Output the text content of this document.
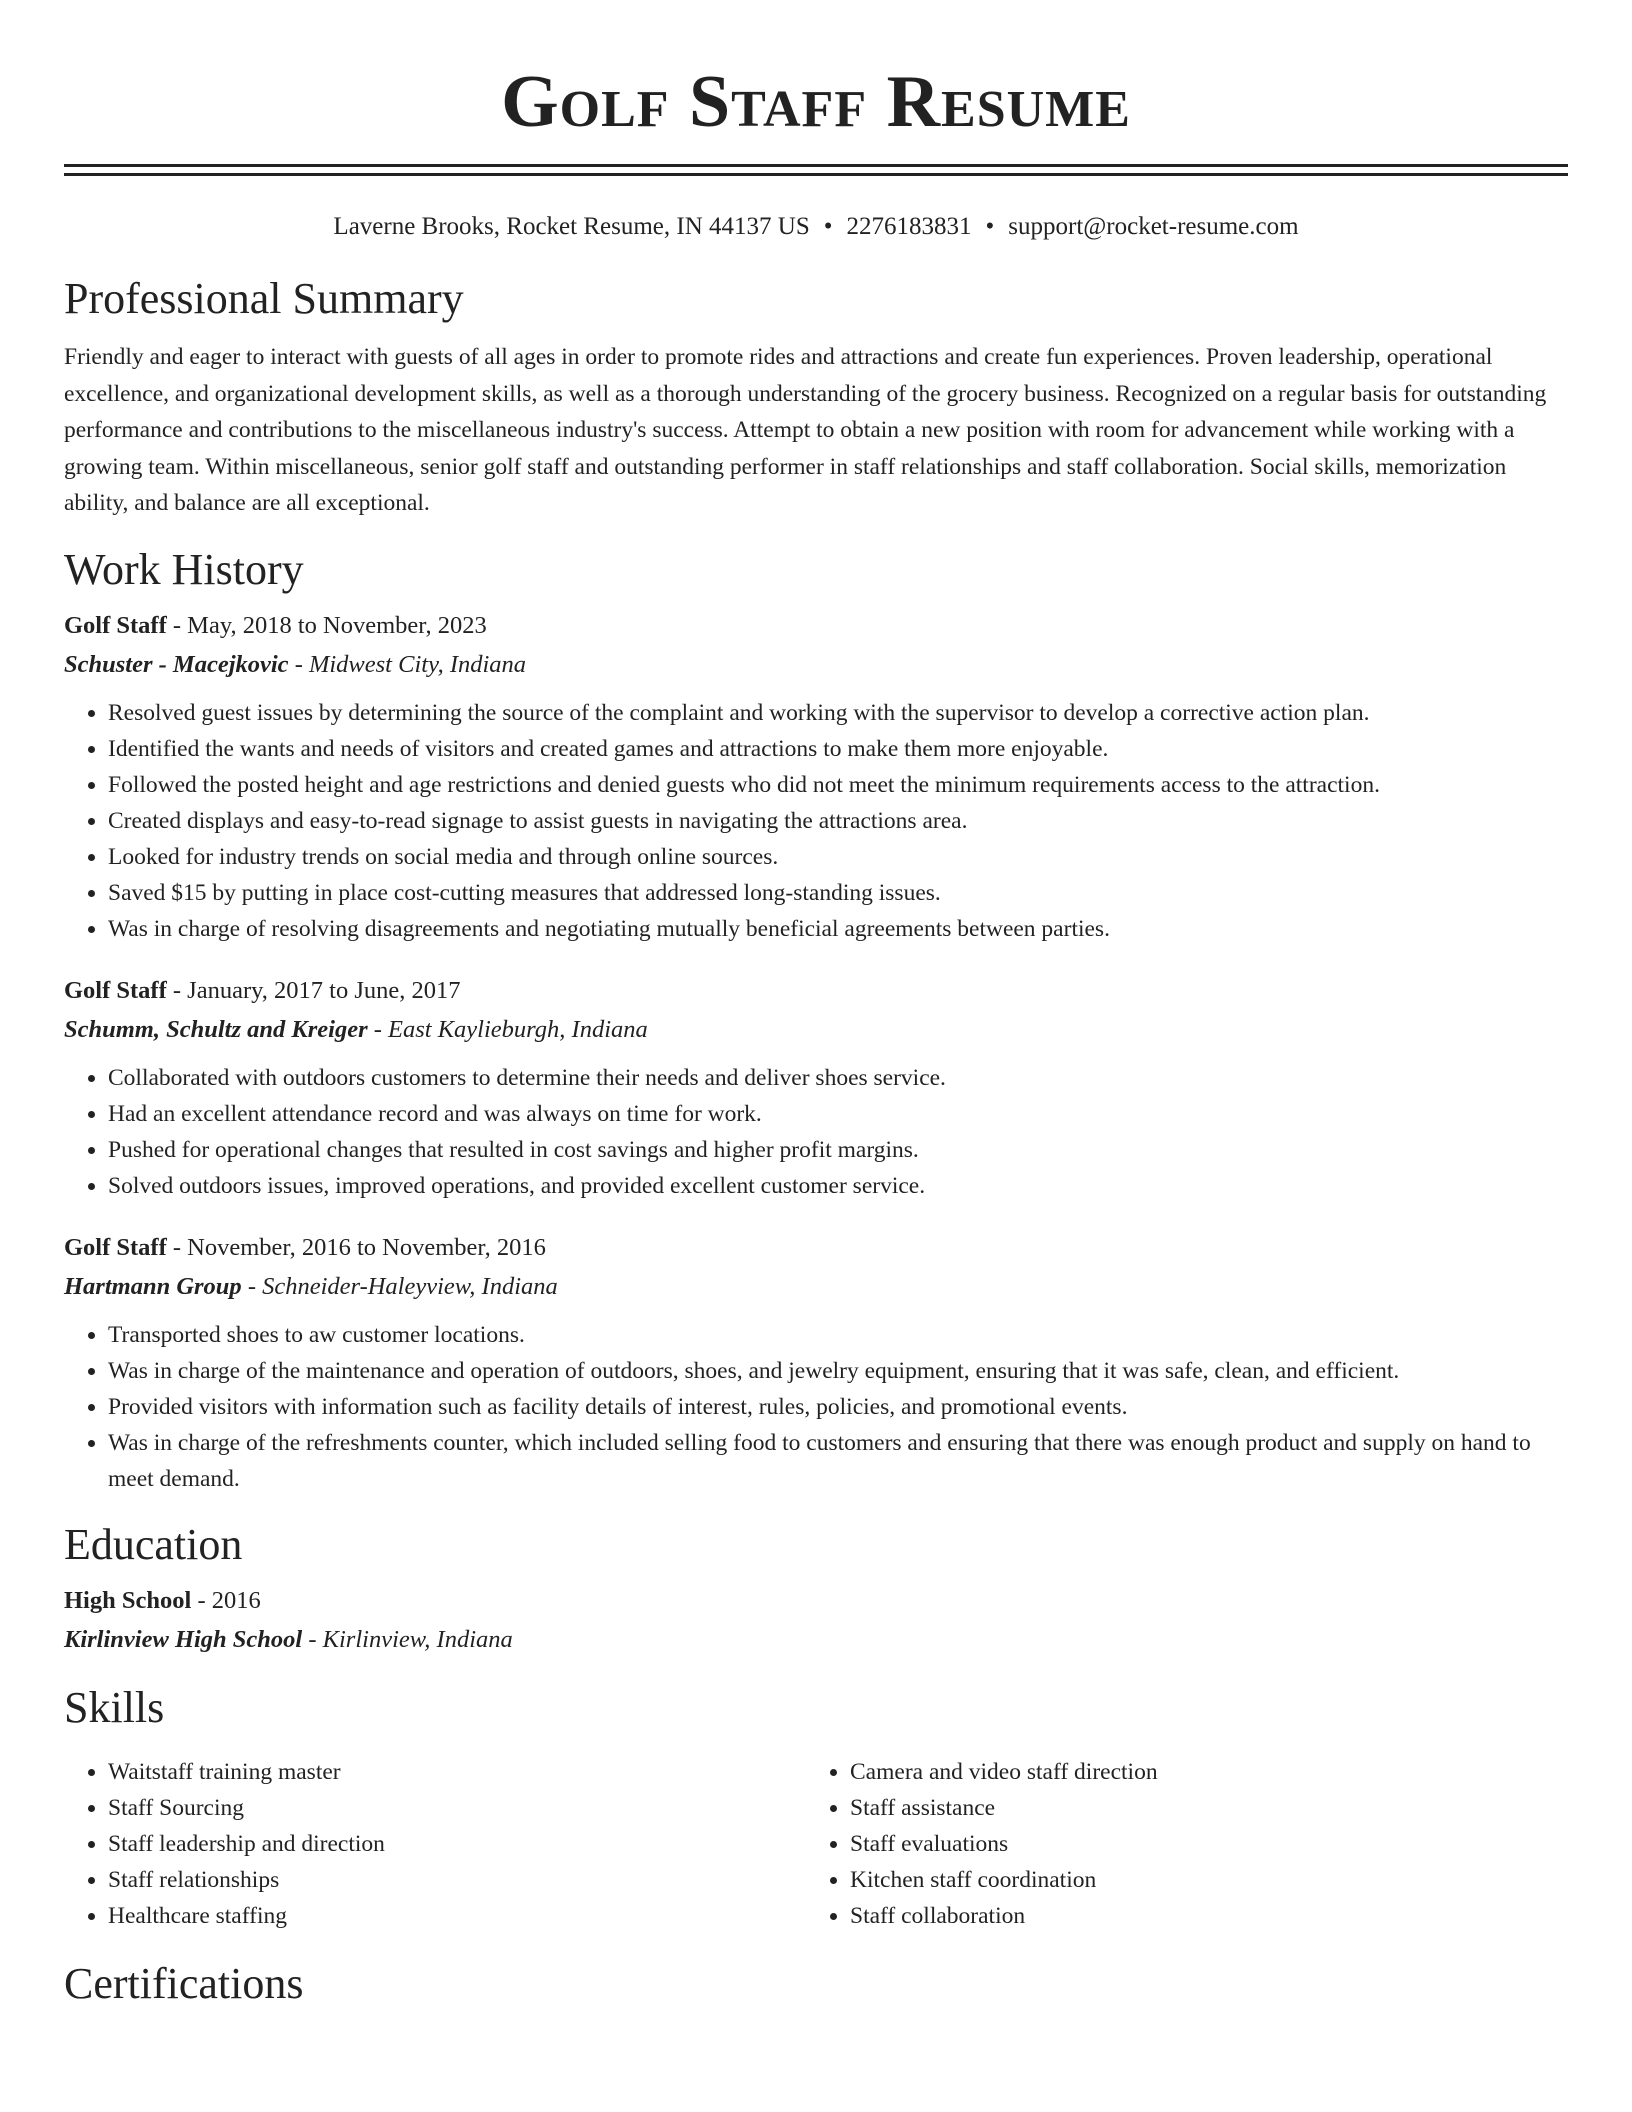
Golf Staff Resume
Laverne Brooks, Rocket Resume, IN 44137 US • 2276183831 • support@rocket-resume.com
Professional Summary

Friendly and eager to interact with guests of all ages in order to promote rides and attractions and create fun experiences. Proven leadership, operational excellence, and organizational development skills, as well as a thorough understanding of the grocery business. Recognized on a regular basis for outstanding performance and contributions to the miscellaneous industry's success. Attempt to obtain a new position with room for advancement while working with a growing team. Within miscellaneous, senior golf staff and outstanding performer in staff relationships and staff collaboration. Social skills, memorization ability, and balance are all exceptional.

Work History
Golf Staff - May, 2018 to November, 2023
Schuster - Macejkovic - Midwest City, Indiana
• Resolved guest issues by determining the source of the complaint and working with the supervisor to develop a corrective action plan.
• Identified the wants and needs of visitors and created games and attractions to make them more enjoyable.
• Followed the posted height and age restrictions and denied guests who did not meet the minimum requirements access to the attraction.
• Created displays and easy-to-read signage to assist guests in navigating the attractions area.
• Looked for industry trends on social media and through online sources.
• Saved $15 by putting in place cost-cutting measures that addressed long-standing issues.
• Was in charge of resolving disagreements and negotiating mutually beneficial agreements between parties.
Golf Staff - January, 2017 to June, 2017
Schumm, Schultz and Kreiger - East Kaylieburgh, Indiana
• Collaborated with outdoors customers to determine their needs and deliver shoes service.
• Had an excellent attendance record and was always on time for work.
• Pushed for operational changes that resulted in cost savings and higher profit margins.
• Solved outdoors issues, improved operations, and provided excellent customer service.
Golf Staff - November, 2016 to November, 2016
Hartmann Group - Schneider-Haleyview, Indiana
• Transported shoes to aw customer locations.
• Was in charge of the maintenance and operation of outdoors, shoes, and jewelry equipment, ensuring that it was safe, clean, and efficient.
• Provided visitors with information such as facility details of interest, rules, policies, and promotional events.
• Was in charge of the refreshments counter, which included selling food to customers and ensuring that there was enough product and supply on hand to meet demand.
Education
High School - 2016
Kirlinview High School - Kirlinview, Indiana
Skills
• Waitstaff training master
• Staff Sourcing
• Staff leadership and direction
• Staff relationships
• Healthcare staffing
• Camera and video staff direction
• Staff assistance
• Staff evaluations
• Kitchen staff coordination
• Staff collaboration
Certifications
